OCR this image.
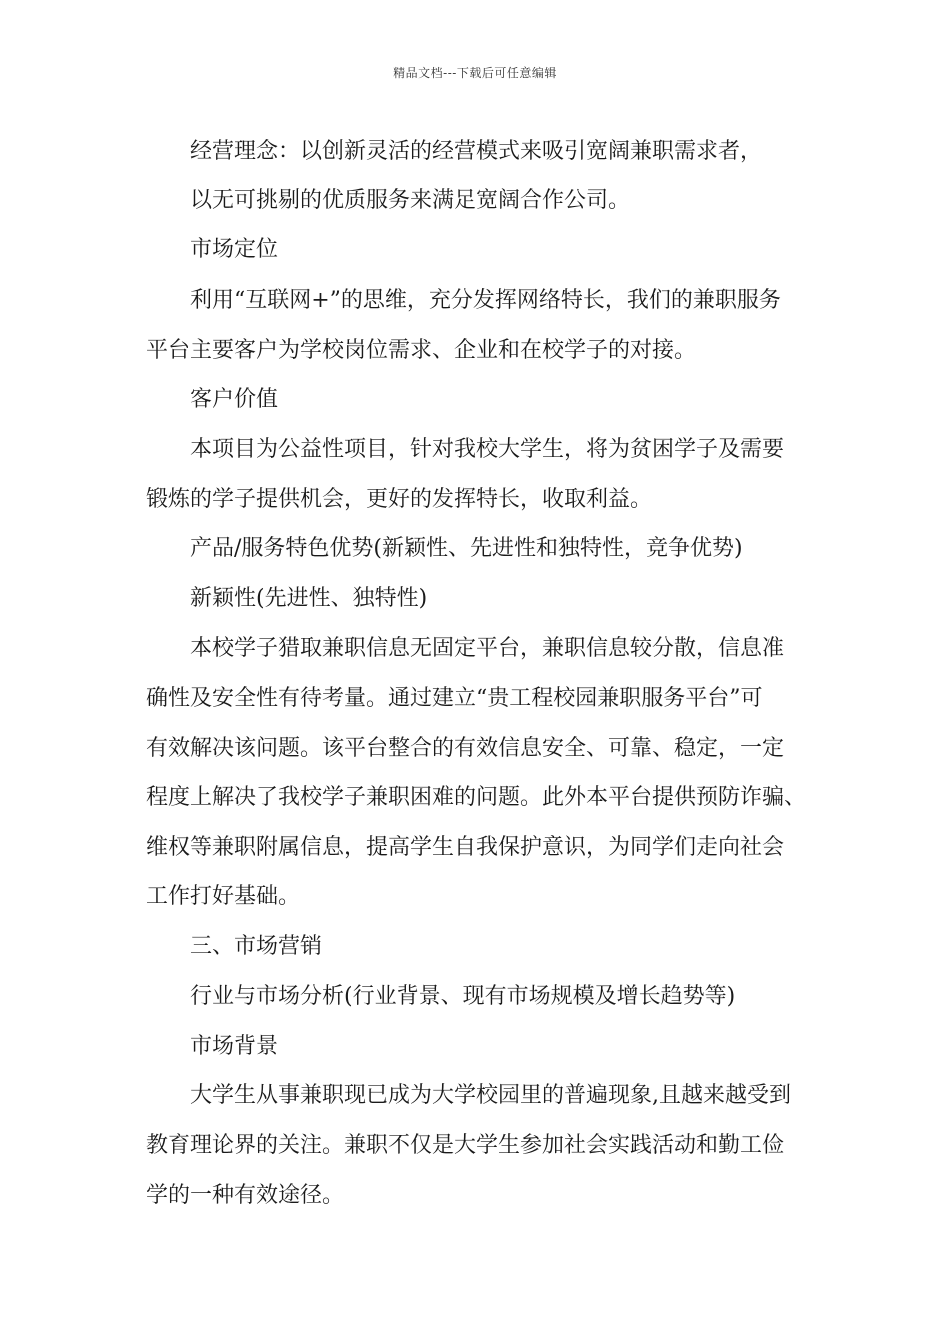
精品文档---下载后可任意编辑
经营理念：以创新灵活的经营模式来吸引宽阔兼职需求者，
以无可挑剔的优质服务来满足宽阔合作公司。
市场定位
利用“互联网+”的思维，充分发挥网络特长，我们的兼职服务
平台主要客户为学校岗位需求、企业和在校学子的对接。
客户价值
本项目为公益性项目，针对我校大学生，将为贫困学子及需要
锻炼的学子提供机会，更好的发挥特长，收取利益。
产品/服务特色优势(新颖性、先进性和独特性，竞争优势)
新颖性(先进性、独特性)
本校学子猎取兼职信息无固定平台，兼职信息较分散，信息准
确性及安全性有待考量。通过建立“贵工程校园兼职服务平台”可
有效解决该问题。该平台整合的有效信息安全、可靠、稳定，一定
程度上解决了我校学子兼职困难的问题。此外本平台提供预防诈骗、
维权等兼职附属信息，提高学生自我保护意识，为同学们走向社会
工作打好基础。
三、市场营销
行业与市场分析(行业背景、现有市场规模及增长趋势等)
市场背景
大学生从事兼职现已成为大学校园里的普遍现象,且越来越受到
教育理论界的关注。兼职不仅是大学生参加社会实践活动和勤工俭
学的一种有效途径。
